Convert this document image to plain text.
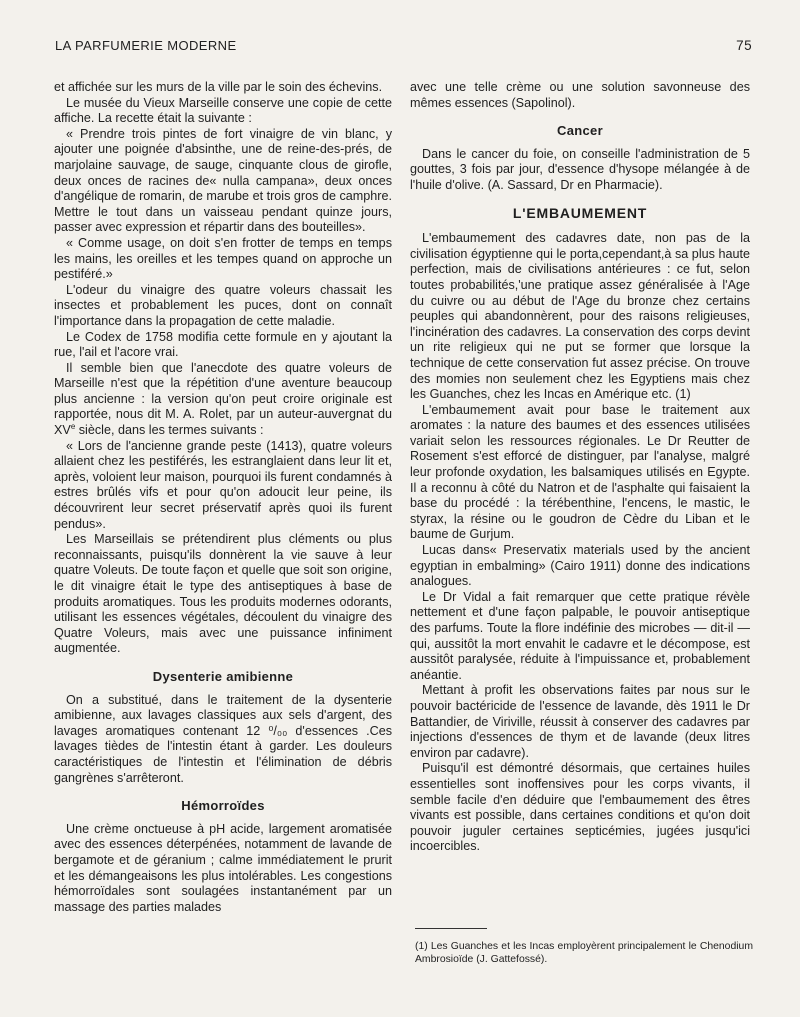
LA PARFUMERIE MODERNE	75

et affichée sur les murs de la ville par le soin des échevins.

Le musée du Vieux Marseille conserve une copie de cette affiche. La recette était la suivante :

« Prendre trois pintes de fort vinaigre de vin blanc, y ajouter une poignée d'absinthe, une de reine-des-prés, de marjolaine sauvage, de sauge, cinquante clous de girofle, deux onces de racines de« nulla campana», deux onces d'angélique de romarin, de marube et trois gros de camphre. Mettre le tout dans un vaisseau pendant quinze jours, passer avec expression et répartir dans des bouteilles».

« Comme usage, on doit s'en frotter de temps en temps les mains, les oreilles et les tempes quand on approche un pestiféré.»

L'odeur du vinaigre des quatre voleurs chassait les insectes et probablement les puces, dont on connaît l'importance dans la propagation de cette maladie.

Le Codex de 1758 modifia cette formule en y ajoutant la rue, l'ail et l'acore vrai.

Il semble bien que l'anecdote des quatre voleurs de Marseille n'est que la répétition d'une aventure beaucoup plus ancienne : la version qu'on peut croire originale est rapportée, nous dit M. A. Rolet, par un auteur-auvergnat du XVe siècle, dans les termes suivants :

« Lors de l'ancienne grande peste (1413), quatre voleurs allaient chez les pestiférés, les estranglaient dans leur lit et, après, voloient leur maison, pourquoi ils furent condamnés à estres brûlés vifs et pour qu'on adoucit leur peine, ils découvrirent leur secret préservatif après quoi ils furent pendus».

Les Marseillais se prétendirent plus cléments ou plus reconnaissants, puisqu'ils donnèrent la vie sauve à leur quatre Voleuts. De toute façon et quelle que soit son origine, le dit vinaigre était le type des antiseptiques à base de produits aromatiques. Tous les produits modernes odorants, utilisant les essences végétales, découlent du vinaigre des Quatre Voleurs, mais avec une puissance infiniment augmentée.

Dysenterie amibienne

On a substitué, dans le traitement de la dysenterie amibienne, aux lavages classiques aux sels d'argent, des lavages aromatiques contenant 12 ⁰/₀₀ d'essences .Ces lavages tièdes de l'intestin étant à garder. Les douleurs caractéristiques de l'intestin et l'élimination de débris gangrènes s'arrêteront.

Hémorroïdes

Une crème onctueuse à pH acide, largement aromatisée avec des essences déterpénées, notamment de lavande de bergamote et de géranium ; calme immédiatement le prurit et les démangeaisons les plus intolérables. Les congestions hémorroïdales sont soulagées instantanément par un massage des parties malades

avec une telle crème ou une solution savonneuse des mêmes essences (Sapolinol).

Cancer

Dans le cancer du foie, on conseille l'administration de 5 gouttes, 3 fois par jour, d'essence d'hysope mélangée à de l'huile d'olive. (A. Sassard, Dr en Pharmacie).

L'EMBAUMEMENT

L'embaumement des cadavres date, non pas de la civilisation égyptienne qui le porta,cependant,à sa plus haute perfection, mais de civilisations antérieures : ce fut, selon toutes probabilités,'une pratique assez généralisée à l'Age du cuivre ou au début de l'Age du bronze chez certains peuples qui abandonnèrent, pour des raisons religieuses, l'incinération des cadavres. La conservation des corps devint un rite religieux qui ne put se former que lorsque la technique de cette conservation fut assez précise. On trouve des momies non seulement chez les Egyptiens mais chez les Guanches, chez les Incas en Amérique etc. (1)

L'embaumement avait pour base le traitement aux aromates : la nature des baumes et des essences utilisées variait selon les ressources régionales. Le Dr Reutter de Rosement s'est efforcé de distinguer, par l'analyse, malgré leur profonde oxydation, les balsamiques utilisés en Egypte. Il a reconnu à côté du Natron et de l'asphalte qui faisaient la base du procédé : la térébenthine, l'encens, le mastic, le styrax, la résine ou le goudron de Cèdre du Liban et le baume de Gurjum.

Lucas dans« Preservatix materials used by the ancient egyptian in embalming» (Cairo 1911) donne des indications analogues.

Le Dr Vidal a fait remarquer que cette pratique révèle nettement et d'une façon palpable, le pouvoir antiseptique des parfums. Toute la flore indéfinie des microbes — dit-il — qui, aussitôt la mort envahit le cadavre et le décompose, est aussitôt paralysée, réduite à l'impuissance et, probablement anéantie.

Mettant à profit les observations faites par nous sur le pouvoir bactéricide de l'essence de lavande, dès 1911 le Dr Battandier, de Viriville, réussit à conserver des cadavres par injections d'essences de thym et de lavande (deux litres environ par cadavre).

Puisqu'il est démontré désormais, que certaines huiles essentielles sont inoffensives pour les corps vivants, il semble facile d'en déduire que l'embaumement des êtres vivants est possible, dans certaines conditions et qu'on doit pouvoir juguler certaines septicémies, jugées jusqu'ici incoercibles.

(1) Les Guanches et les Incas employèrent principalement le Chenodium Ambrosioïde (J. Gattefossé).
